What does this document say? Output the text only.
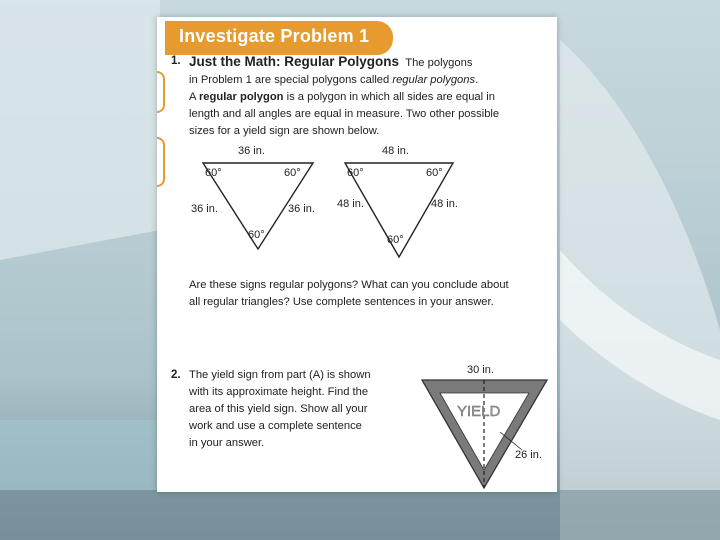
Investigate Problem 1
1. Just the Math: Regular Polygons The polygons
in Problem 1 are special polygons called regular polygons.
A regular polygon is a polygon in which all sides are equal in
length and all angles are equal in measure. Two other possible
sizes for a yield sign are shown below.
36 in.
36 in.	36 in.
60°	60°
60°
48 in.
48 in.	48 in.
60°	60°
60°
Are these signs regular polygons? What can you conclude about
all regular triangles? Use complete sentences in your answer.
2. The yield sign from part (A) is shown
with its approximate height. Find the
area of this yield sign. Show all your
work and use a complete sentence
in your answer.
30 in.
26 in.
YIELD
